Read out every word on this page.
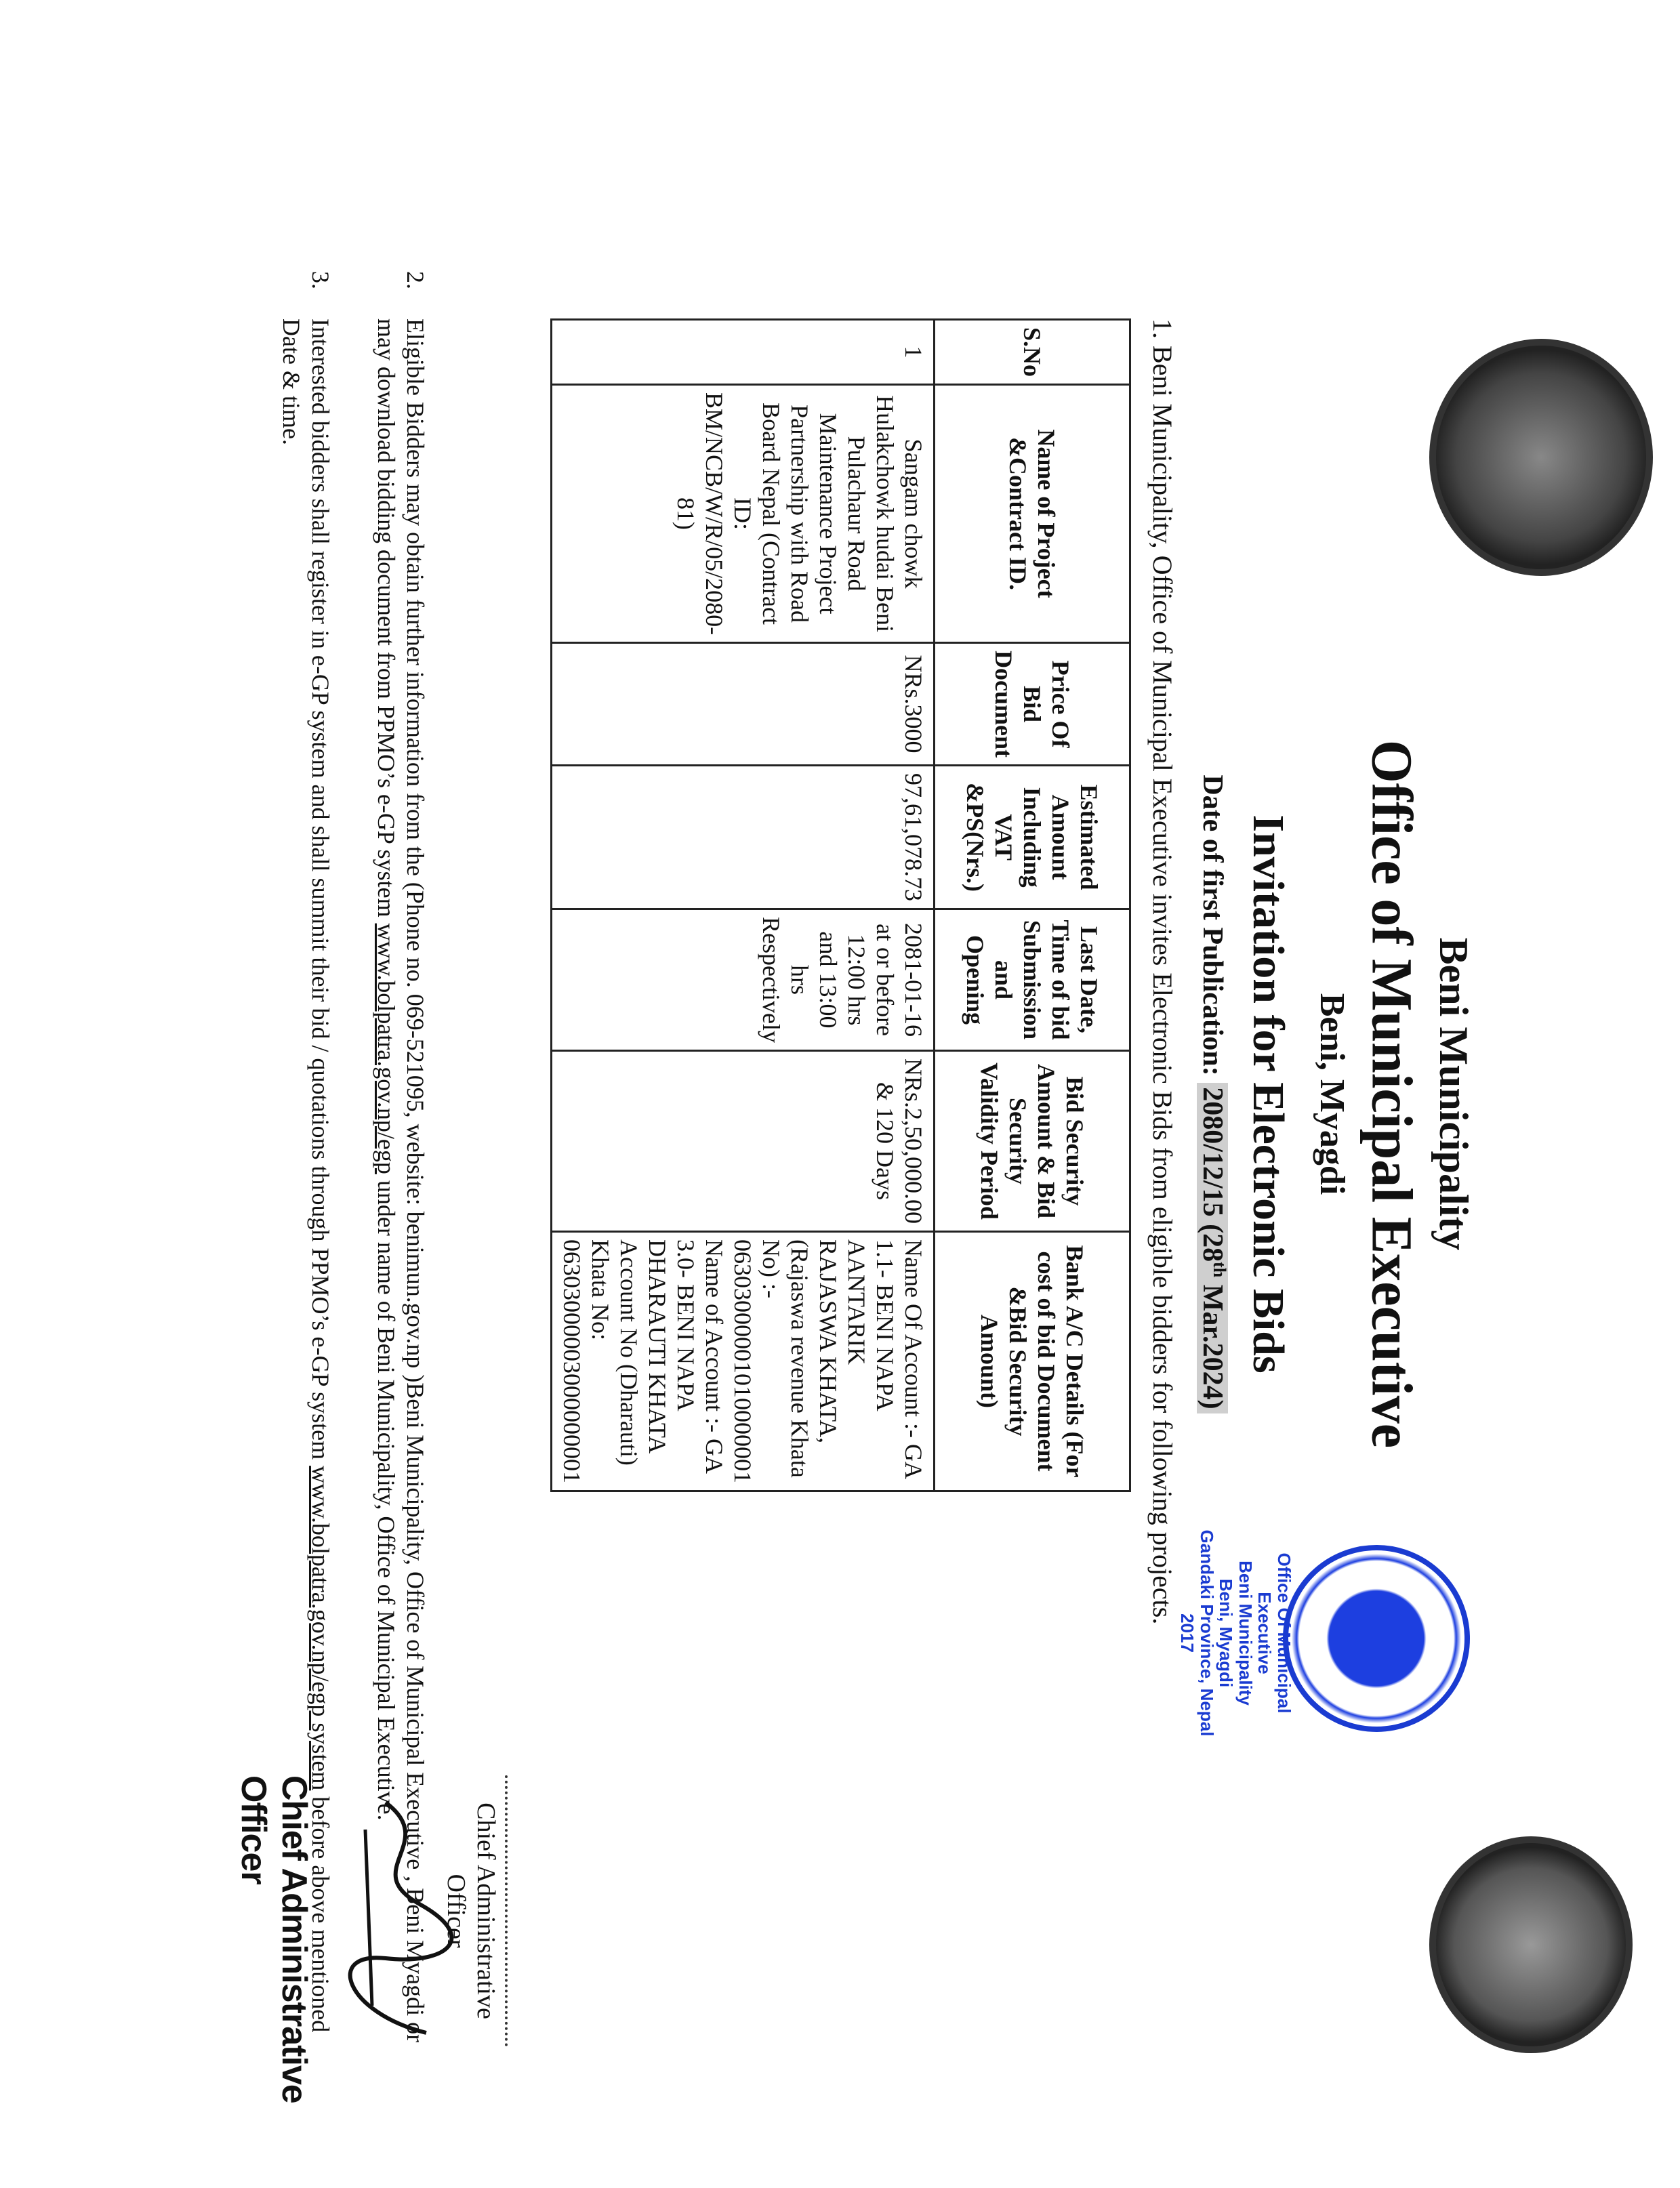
Beni Municipality
Office of Municipal Executive
Beni, Myagdi
Invitation for Electronic Bids
Date of first Publication: 2080/12/15 (28th Mar.2024)
Office Of Municipal Executive
Beni Municipality
Beni, Myagdi
Gandaki Province, Nepal
2017
1. Beni Municipality, Office of Municipal Executive invites Electronic Bids from eligible bidders for following projects.
S.No	Name of Project &Contract ID.	Price Of Bid Document	Estimated Amount Including VAT &PS(Nrs.)	Last Date, Time of bid Submission and Opening	Bid Security Amount & Bid Security Validity Period	Bank A/C Details (For cost of bid Document &Bid Security Amount)
1	Sangam chowk Hulakchowk hudai Beni Pulachaur Road Maintenance Project Partnership with Road Board Nepal (Contract ID: BM/NCB/W/R/05/2080-81)	NRs.3000	97,61,078.73	2081-01-16 at or before 12:00 hrs and 13:00 hrs Respectively	NRs.2,50,000.00 & 120 Days	Name Of Account :- GA 1.1- BENI NAPA AANTARIK RAJASWA KHATA, (Rajaswa revenue Khata No) :- 06303000001010000001 Name of Account :- GA 3.0- BENI NAPA DHARAUTI KHATA Account No (Dharauti) Khata No: 06303000003000000001
2.
Eligible Bidders may obtain further information from the (Phone no. 069-521095, website: benimun.gov.np )Beni Municipality, Office of Municipal Executive , Beni Myagdi or may download bidding document from PPMO’s e-GP system www.bolpatra.gov.np/egp under name of Beni Municipality, Office of Municipal Executive.
3.
Interested bidders shall register in e-GP system and shall summit their bid / quotations through PPMO’s e-GP system www.bolpatra.gov.np/egp system before above mentioned Date & time.
Chief Administrative Officer
Chief Administrative Officer
